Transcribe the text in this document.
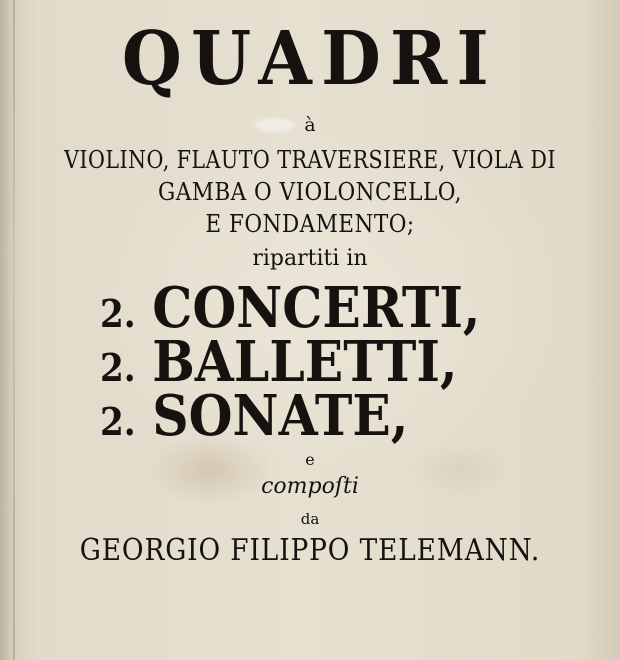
QUADRI
à
VIOLINO, FLAUTO TRAVERSIERE, VIOLA DI
GAMBA O VIOLONCELLO,
E FONDAMENTO;
ripartiti in
2. CONCERTI,
2. BALLETTI,
2. SONATE,
e
compoſti
da
GEORGIO FILIPPO TELEMANN.
